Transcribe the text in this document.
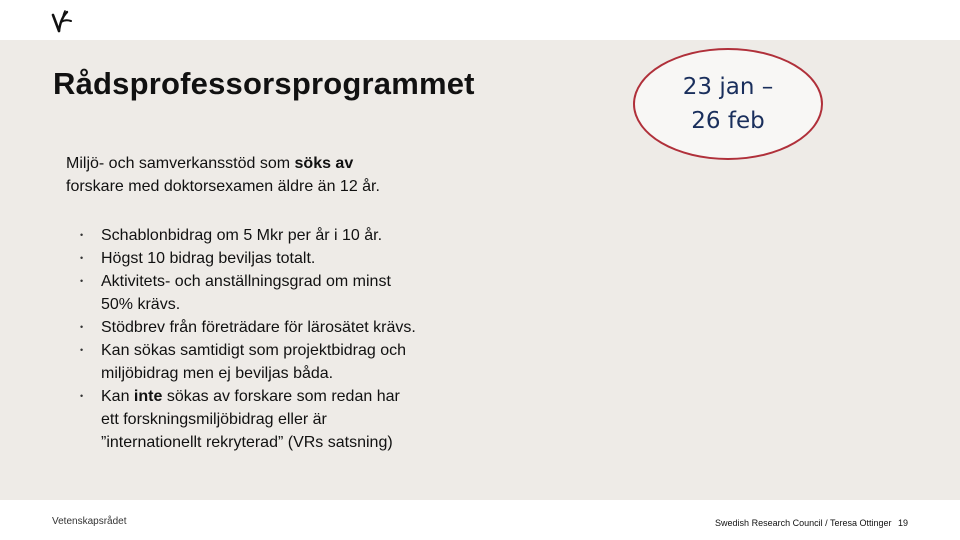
Rådsprofessorsprogrammet	23 jan –
26 feb

Miljö- och samverkansstöd som söks av
forskare med doktorsexamen äldre än 12 år.

• Schablonbidrag om 5 Mkr per år i 10 år.
• Högst 10 bidrag beviljas totalt.
• Aktivitets- och anställningsgrad om minst
50% krävs.
• Stödbrev från företrädare för lärosätet krävs.
• Kan sökas samtidigt som projektbidrag och
miljöbidrag men ej beviljas båda.
• Kan inte sökas av forskare som redan har
ett forskningsmiljöbidrag eller är
”internationellt rekryterad” (VRs satsning)
Vetenskapsrådet	Swedish Research Council / Teresa Ottinger 19
